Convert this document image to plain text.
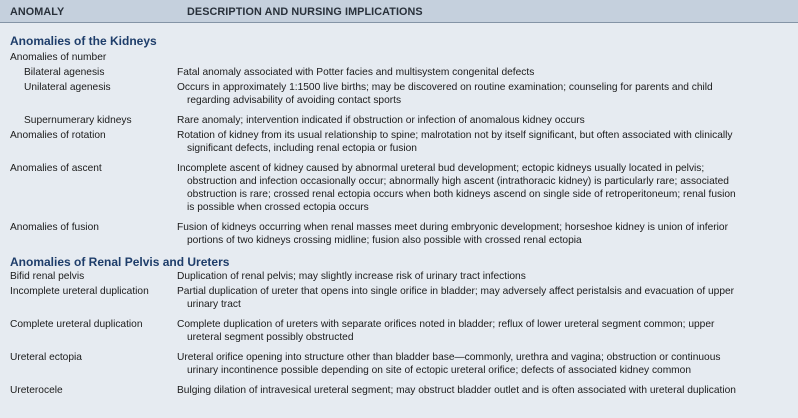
ANOMALY	DESCRIPTION AND NURSING IMPLICATIONS
Anomalies of the Kidneys
Anomalies of number
Bilateral agenesis	Fatal anomaly associated with Potter facies and multisystem congenital defects

Unilateral agenesis	Occurs in approximately 1:1500 live births; may be discovered on routine examination; counseling for parents and child

regarding advisability of avoiding contact sports

Supernumerary kidneys	Rare anomaly; intervention indicated if obstruction or infection of anomalous kidney occurs

Anomalies of rotation	Rotation of kidney from its usual relationship to spine; malrotation not by itself significant, but often associated with clinically

significant defects, including renal ectopia or fusion

Anomalies of ascent	Incomplete ascent of kidney caused by abnormal ureteral bud development; ectopic kidneys usually located in pelvis;

obstruction and infection occasionally occur; abnormally high ascent (intrathoracic kidney) is particularly rare; associated

obstruction is rare; crossed renal ectopia occurs when both kidneys ascend on single side of retroperitoneum; renal fusion

is possible when crossed ectopia occurs

Anomalies of fusion	Fusion of kidneys occurring when renal masses meet during embryonic development; horseshoe kidney is union of inferior

portions of two kidneys crossing midline; fusion also possible with crossed renal ectopia

Anomalies of Renal Pelvis and Ureters
Bifid renal pelvis	Duplication of renal pelvis; may slightly increase risk of urinary tract infections

Incomplete ureteral duplication	Partial duplication of ureter that opens into single orifice in bladder; may adversely affect peristalsis and evacuation of upper

urinary tract

Complete ureteral duplication	Complete duplication of ureters with separate orifices noted in bladder; reflux of lower ureteral segment common; upper

ureteral segment possibly obstructed

Ureteral ectopia	Ureteral orifice opening into structure other than bladder base—commonly, urethra and vagina; obstruction or continuous

urinary incontinence possible depending on site of ectopic ureteral orifice; defects of associated kidney common

Ureterocele	Bulging dilation of intravesical ureteral segment; may obstruct bladder outlet and is often associated with ureteral duplication
